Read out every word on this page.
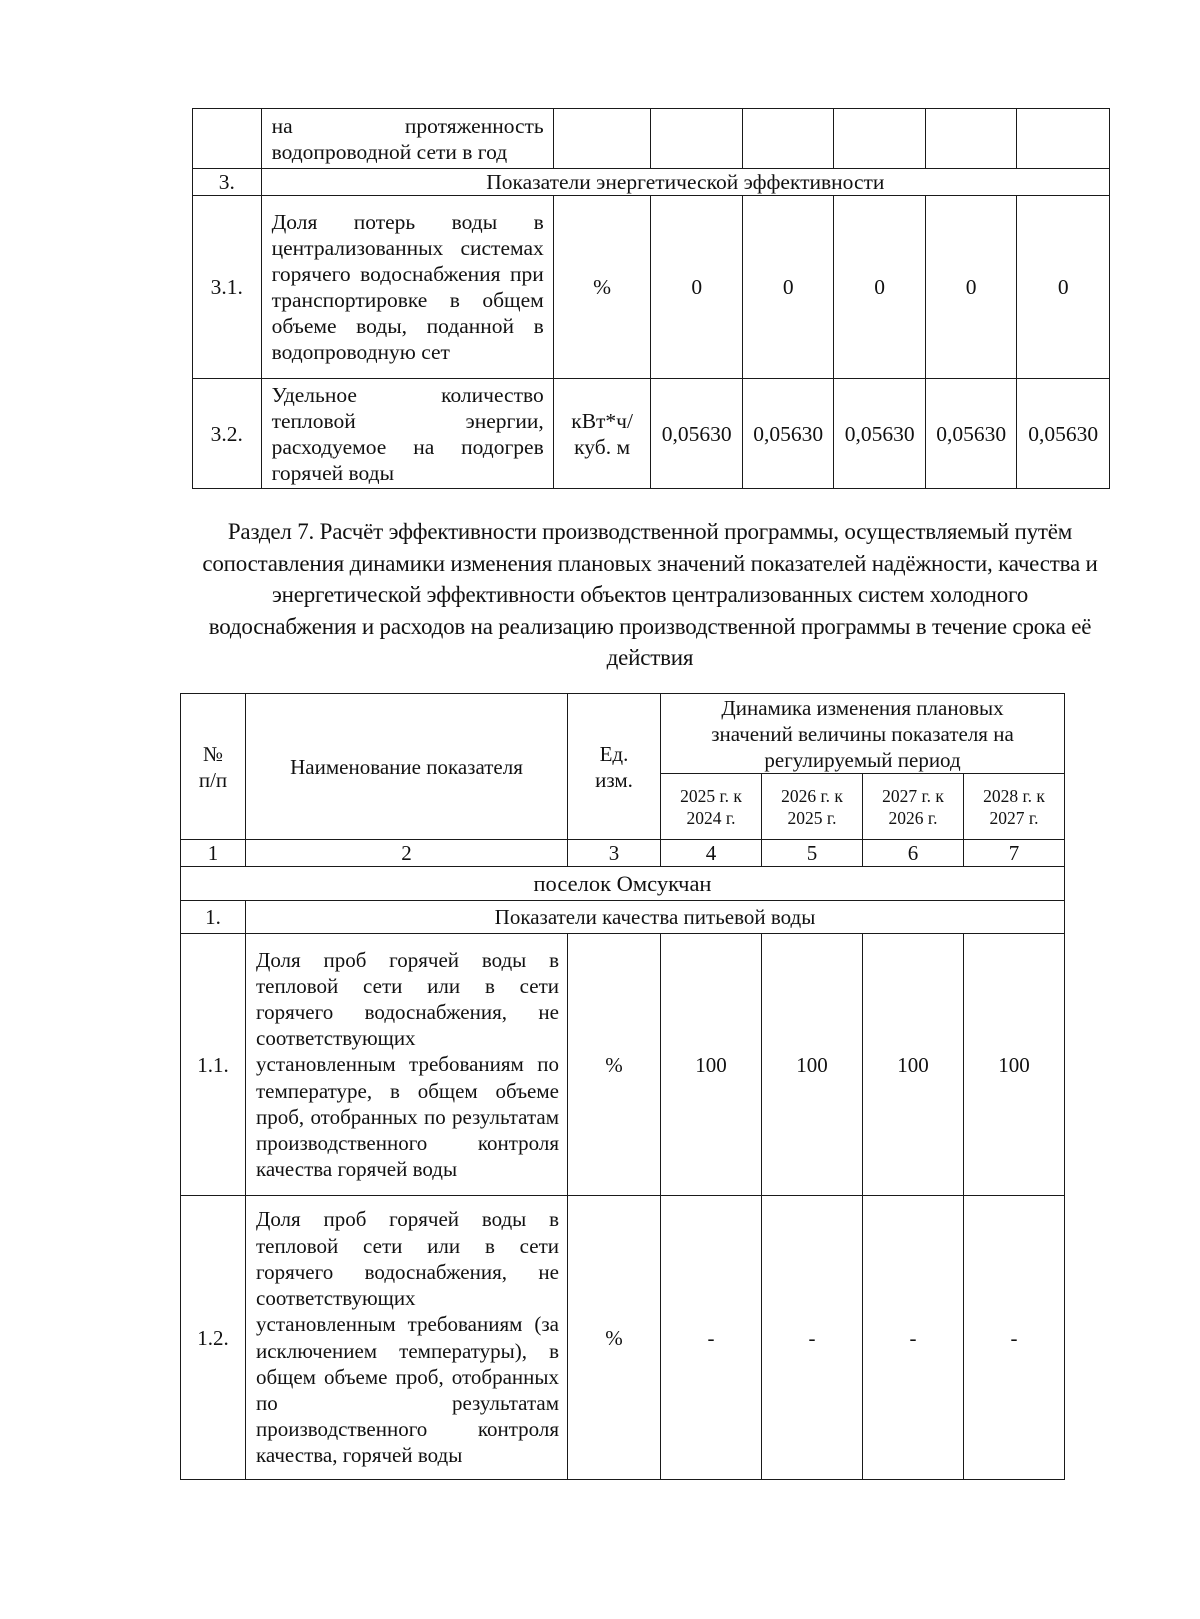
	на протяженность водопроводной сети в год						
3.	Показатели энергетической эффективности						
3.1.	Доля потерь воды в централизованных системах горячего водоснабжения при транспортировке в общем объеме воды, поданной в водопроводную сет	%	0	0	0	0	0
3.2.	Удельное количество тепловой энергии, расходуемое на подогрев горячей воды	кВт*ч/ куб. м	0,05630	0,05630	0,05630	0,05630	0,05630
Раздел 7. Расчёт эффективности производственной программы, осуществляемый путём сопоставления динамики изменения плановых значений показателей надёжности, качества и энергетической эффективности объектов централизованных систем холодного водоснабжения и расходов на реализацию производственной программы в течение срока её действия
№ п/п	Наименование показателя	Ед. изм.	Динамика изменения плановых значений величины показателя на регулируемый период			
			2025 г. к 2024 г.	2026 г. к 2025 г.	2027 г. к 2026 г.	2028 г. к 2027 г.
1	2	3	4	5	6	7
поселок Омсукчан						
1.	Показатели качества питьевой воды					
1.1.	Доля проб горячей воды в тепловой сети или в сети горячего водоснабжения, не соответствующих установленным требованиям по температуре, в общем объеме проб, отобранных по результатам производственного контроля качества горячей воды	%	100	100	100	100
1.2.	Доля проб горячей воды в тепловой сети или в сети горячего водоснабжения, не соответствующих установленным требованиям (за исключением температуры), в общем объеме проб, отобранных по результатам производственного контроля качества, горячей воды	%	-	-	-	-
